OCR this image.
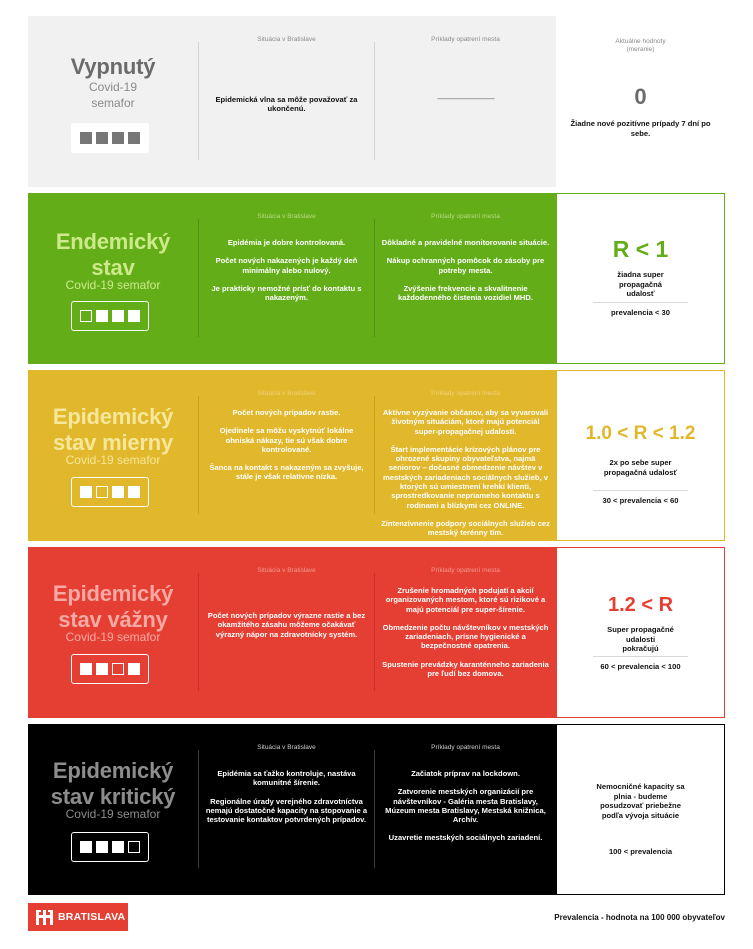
Vypnutý
Covid-19
semafor
Situácia v Bratislave

Epidemická vlna sa môže považovať za ukončenú.

Príklady opatrení mesta

———————

Aktuálne hodnoty
(meranie)
0
Žiadne nové pozitívne prípady 7 dní po sebe.
Endemický
stav
Covid-19 semafor
Situácia v Bratislave

Epidémia je dobre kontrolovaná.

Počet nových nakazených je každý deň minimálny alebo nulový.

Je prakticky nemožné prísť do kontaktu s nakazeným.

Príklady opatrení mesta

Dôkladné a pravidelné monitorovanie situácie.

Nákup ochranných pomôcok do zásoby pre potreby mesta.

Zvýšenie frekvencie a skvalitnenie každodenného čistenia vozidiel MHD.

R < 1
žiadna super propagačná udalosť
prevalencia < 30
Epidemický
stav mierny
Covid-19 semafor
Situácia v Bratislave

Počet nových prípadov rastie.

Ojedinele sa môžu vyskytnúť lokálne ohniská nákazy, tie sú však dobre kontrolované.

Šanca na kontakt s nakazeným sa zvyšuje, stále je však relatívne nízka.

Príklady opatrení mesta

Aktívne vyzývanie občanov, aby sa vyvarovali životným situáciám, ktoré majú potenciál super-propagačnej udalosti.

Štart implementácie krízových plánov pre ohrozené skupiny obyvateľstva, najmä seniorov – dočasné obmedzenie návštev v mestských zariadeniach sociálnych služieb, v ktorých sú umiestnení krehkí klienti, sprostredkovanie nepriameho kontaktu s rodinami a blízkymi cez ONLINE.

Zintenzívnenie podpory sociálnych služieb cez mestský terénny tím.

1.0 < R < 1.2
2x po sebe super propagačná udalosť
30 < prevalencia < 60
Epidemický
stav vážny
Covid-19 semafor
Situácia v Bratislave

Počet nových prípadov výrazne rastie a bez okamžitého zásahu môžeme očakávať výrazný nápor na zdravotnícky systém.

Príklady opatrení mesta

Zrušenie hromadných podujatí a akcií organizovaných mestom, ktoré sú rizikové a majú potenciál pre super-šírenie.

Obmedzenie počtu návštevníkov v mestských zariadeniach, prísne hygienické a bezpečnostné opatrenia.

Spustenie prevádzky karanténneho zariadenia pre ľudí bez domova.

1.2 < R
Super propagačné udalosti pokračujú
60 < prevalencia < 100
Epidemický
stav kritický
Covid-19 semafor
Situácia v Bratislave

Epidémia sa ťažko kontroluje, nastáva komunitné šírenie.

Regionálne úrady verejného zdravotníctva nemajú dostatočné kapacity na stopovanie a testovanie kontaktov potvrdených prípadov.

Príklady opatrení mesta

Začiatok príprav na lockdown.

Zatvorenie mestských organizácií pre návštevníkov - Galéria mesta Bratislavy, Múzeum mesta Bratislavy, Mestská knižnica, Archív.

Uzavretie mestských sociálnych zariadení.

Nemocničné kapacity sa plnia - budeme posudzovať priebežne podľa vývoja situácie
100 < prevalencia
BRATISLAVA	Prevalencia - hodnota na 100 000 obyvateľov
